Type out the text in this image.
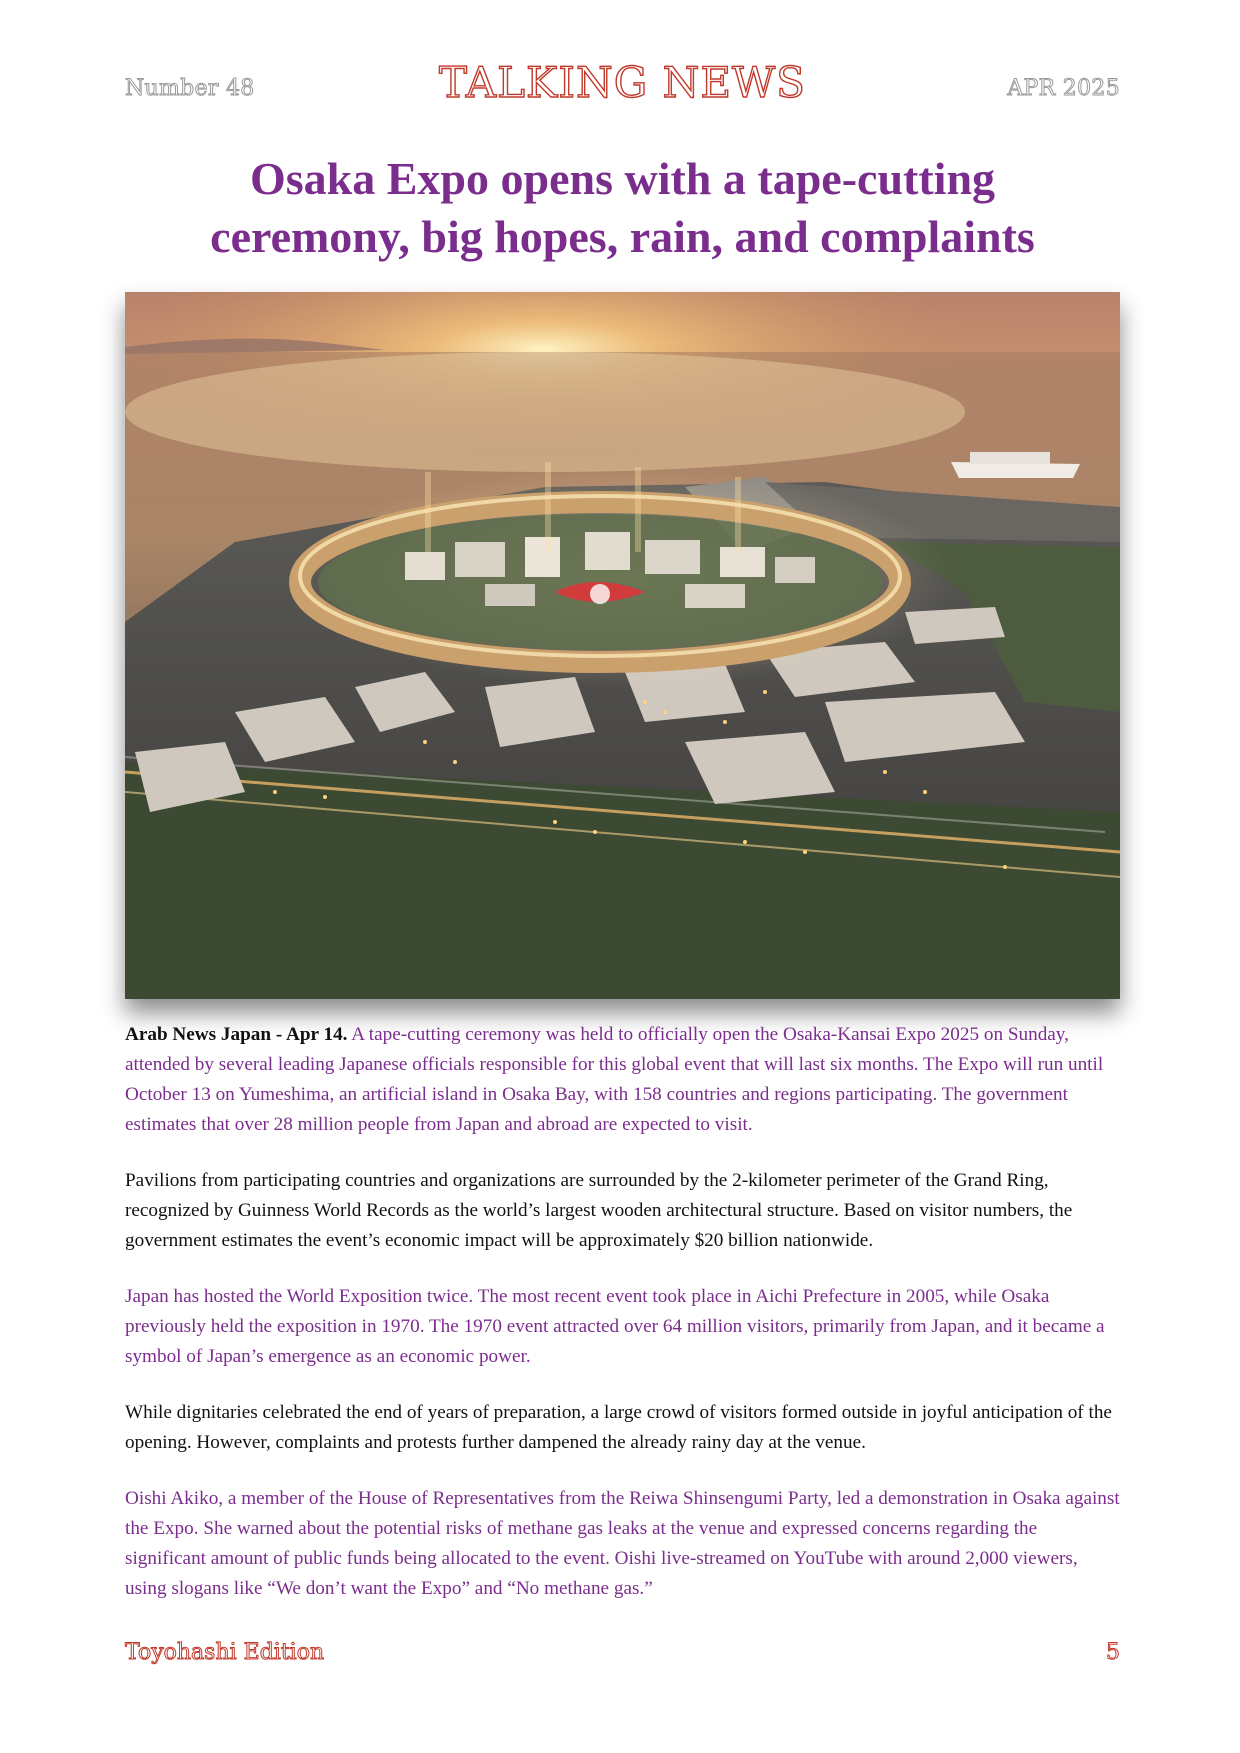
Number 48	TALKING NEWS	APR 2025
Osaka Expo opens with a tape-cutting
ceremony, big hopes, rain, and complaints

Arab News Japan - Apr 14. A tape-cutting ceremony was held to officially open the Osaka-Kansai Expo 2025 on Sunday, attended by several leading Japanese officials responsible for this global event that will last six months. The Expo will run until October 13 on Yumeshima, an artificial island in Osaka Bay, with 158 countries and regions participating. The government estimates that over 28 million people from Japan and abroad are expected to visit.

Pavilions from participating countries and organizations are surrounded by the 2-kilometer perimeter of the Grand Ring, recognized by Guinness World Records as the world’s largest wooden architectural structure. Based on visitor numbers, the government estimates the event’s economic impact will be approximately $20 billion nationwide.

Japan has hosted the World Exposition twice. The most recent event took place in Aichi Prefecture in 2005, while Osaka previously held the exposition in 1970. The 1970 event attracted over 64 million visitors, primarily from Japan, and it became a symbol of Japan’s emergence as an economic power.

While dignitaries celebrated the end of years of preparation, a large crowd of visitors formed outside in joyful anticipation of the opening. However, complaints and protests further dampened the already rainy day at the venue.

Oishi Akiko, a member of the House of Representatives from the Reiwa Shinsengumi Party, led a demonstration in Osaka against the Expo. She warned about the potential risks of methane gas leaks at the venue and expressed concerns regarding the significant amount of public funds being allocated to the event. Oishi live-streamed on YouTube with around 2,000 viewers, using slogans like “We don’t want the Expo” and “No methane gas.”

Toyohashi Edition	5
